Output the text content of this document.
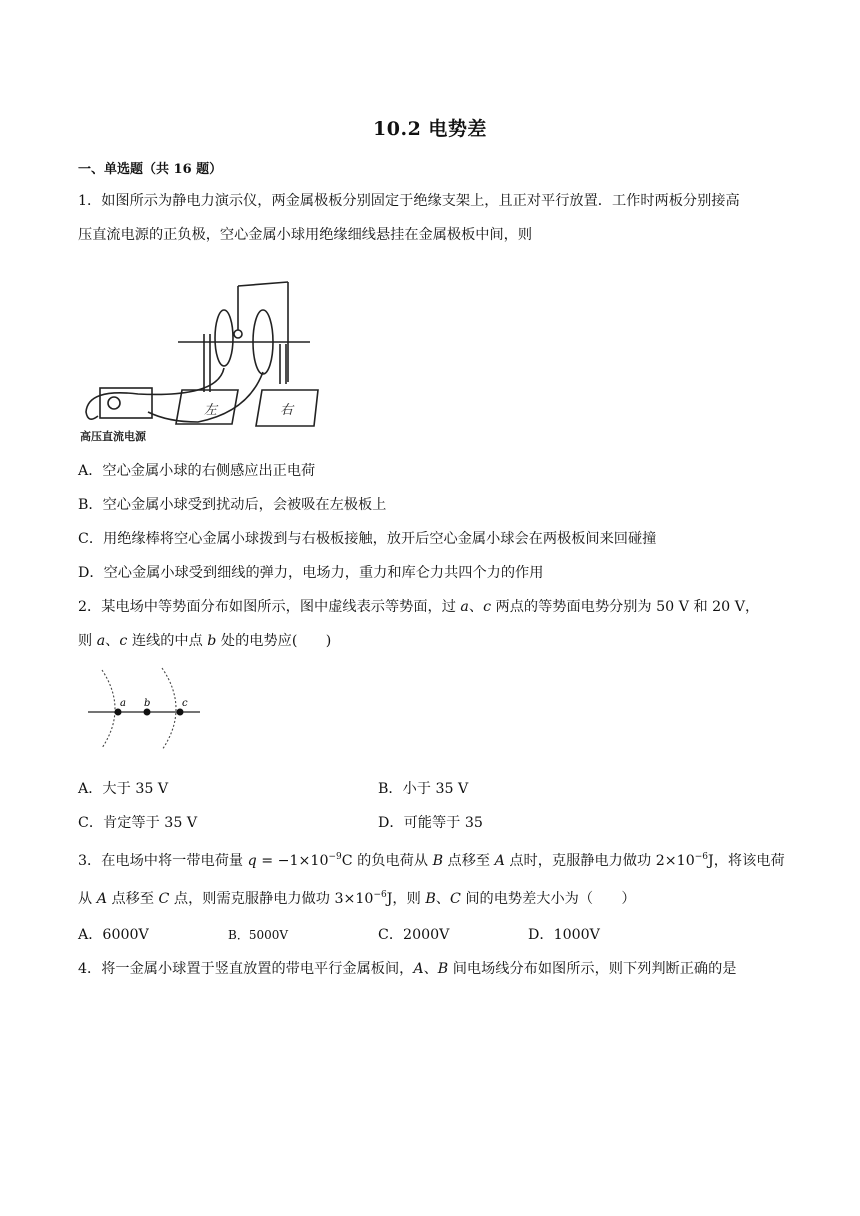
10.2 电势差
一、单选题（共 16 题）
1．如图所示为静电力演示仪，两金属极板分别固定于绝缘支架上，且正对平行放置．工作时两板分别接高
压直流电源的正负极，空心金属小球用绝缘细线悬挂在金属极板中间，则
左	右
高压直流电源
A．空心金属小球的右侧感应出正电荷
B．空心金属小球受到扰动后，会被吸在左极板上
C．用绝缘棒将空心金属小球拨到与右极板接触，放开后空心金属小球会在两极板间来回碰撞
D．空心金属小球受到细线的弹力，电场力，重力和库仑力共四个力的作用
2．某电场中等势面分布如图所示，图中虚线表示等势面，过 a、c 两点的等势面电势分别为 50 V 和 20 V，
则 a、c 连线的中点 b 处的电势应(　　)
a b	c
A．大于 35 V	B．小于 35 V
C．肯定等于 35 V	D．可能等于 35
3．在电场中将一带电荷量 $q = -1\times 10^{-9}C$ 的负电荷从 B 点移至 A 点时，克服静电力做功 $2\times 10^{-6}J$，将该电荷
从 A 点移至 C 点，则需克服静电力做功 $3\times 10^{-6}J$，则 B、C 间的电势差大小为（　　）
A．6000V	B．5000V	C．2000V	D．1000V
4．将一金属小球置于竖直放置的带电平行金属板间，A、B 间电场线分布如图所示，则下列判断正确的是
